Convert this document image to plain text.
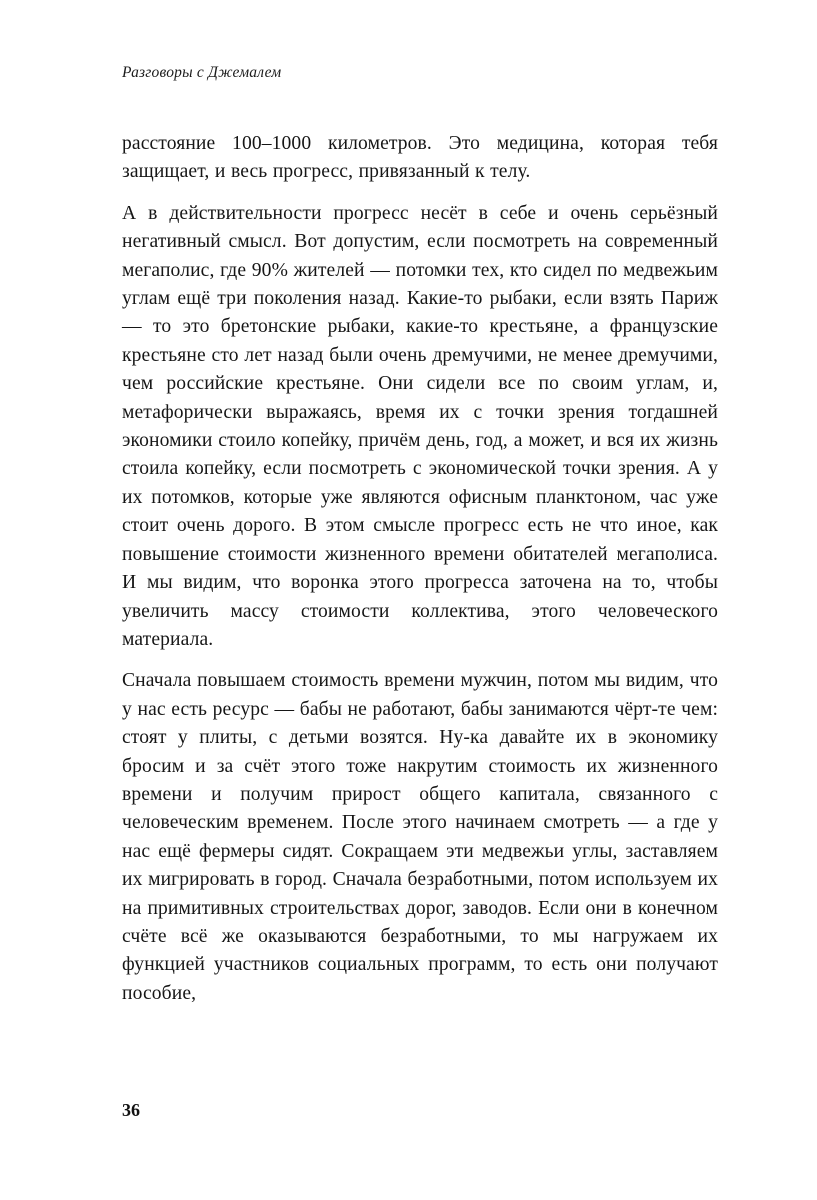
Разговоры с Джемалем

расстояние 100–1000 километров. Это медицина, которая тебя защищает, и весь прогресс, привязанный к телу.

А в действительности прогресс несёт в себе и очень серьёзный негативный смысл. Вот допустим, если посмотреть на современный мегаполис, где 90% жителей — потомки тех, кто сидел по медвежьим углам ещё три поколения назад. Какие-то рыбаки, если взять Париж — то это бретонские рыбаки, какие-то крестьяне, а французские крестьяне сто лет назад были очень дремучими, не менее дремучими, чем российские крестьяне. Они сидели все по своим углам, и, метафорически выражаясь, время их с точки зрения тогдашней экономики стоило копейку, причём день, год, а может, и вся их жизнь стоила копейку, если посмотреть с экономической точки зрения. А у их потомков, которые уже являются офисным планктоном, час уже стоит очень дорого. В этом смысле прогресс есть не что иное, как повышение стоимости жизненного времени обитателей мегаполиса. И мы видим, что воронка этого прогресса заточена на то, чтобы увеличить массу стоимости коллектива, этого человеческого материала.

Сначала повышаем стоимость времени мужчин, потом мы видим, что у нас есть ресурс — бабы не работают, бабы занимаются чёрт-те чем: стоят у плиты, с детьми возятся. Ну-ка давайте их в экономику бросим и за счёт этого тоже накрутим стоимость их жизненного времени и получим прирост общего капитала, связанного с человеческим временем. После этого начинаем смотреть — а где у нас ещё фермеры сидят. Сокращаем эти медвежьи углы, заставляем их мигрировать в город. Сначала безработными, потом используем их на примитивных строительствах дорог, заводов. Если они в конечном счёте всё же оказываются безработными, то мы нагружаем их функцией участников социальных программ, то есть они получают пособие,

36
